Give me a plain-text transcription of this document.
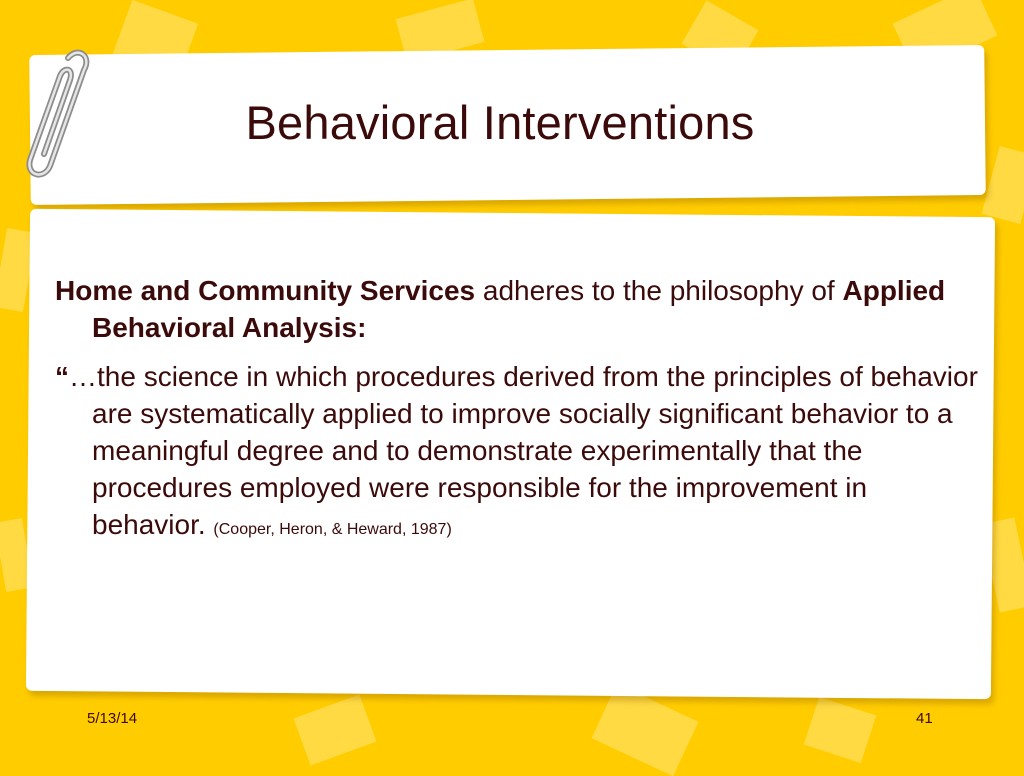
Behavioral Interventions

Home and Community Services adheres to the philosophy of Applied Behavioral Analysis:

“…the science in which procedures derived from the principles of behavior are systematically applied to improve socially significant behavior to a meaningful degree and to demonstrate experimentally that the procedures employed were responsible for the improvement in behavior. (Cooper, Heron, & Heward, 1987)

5/13/14	41
